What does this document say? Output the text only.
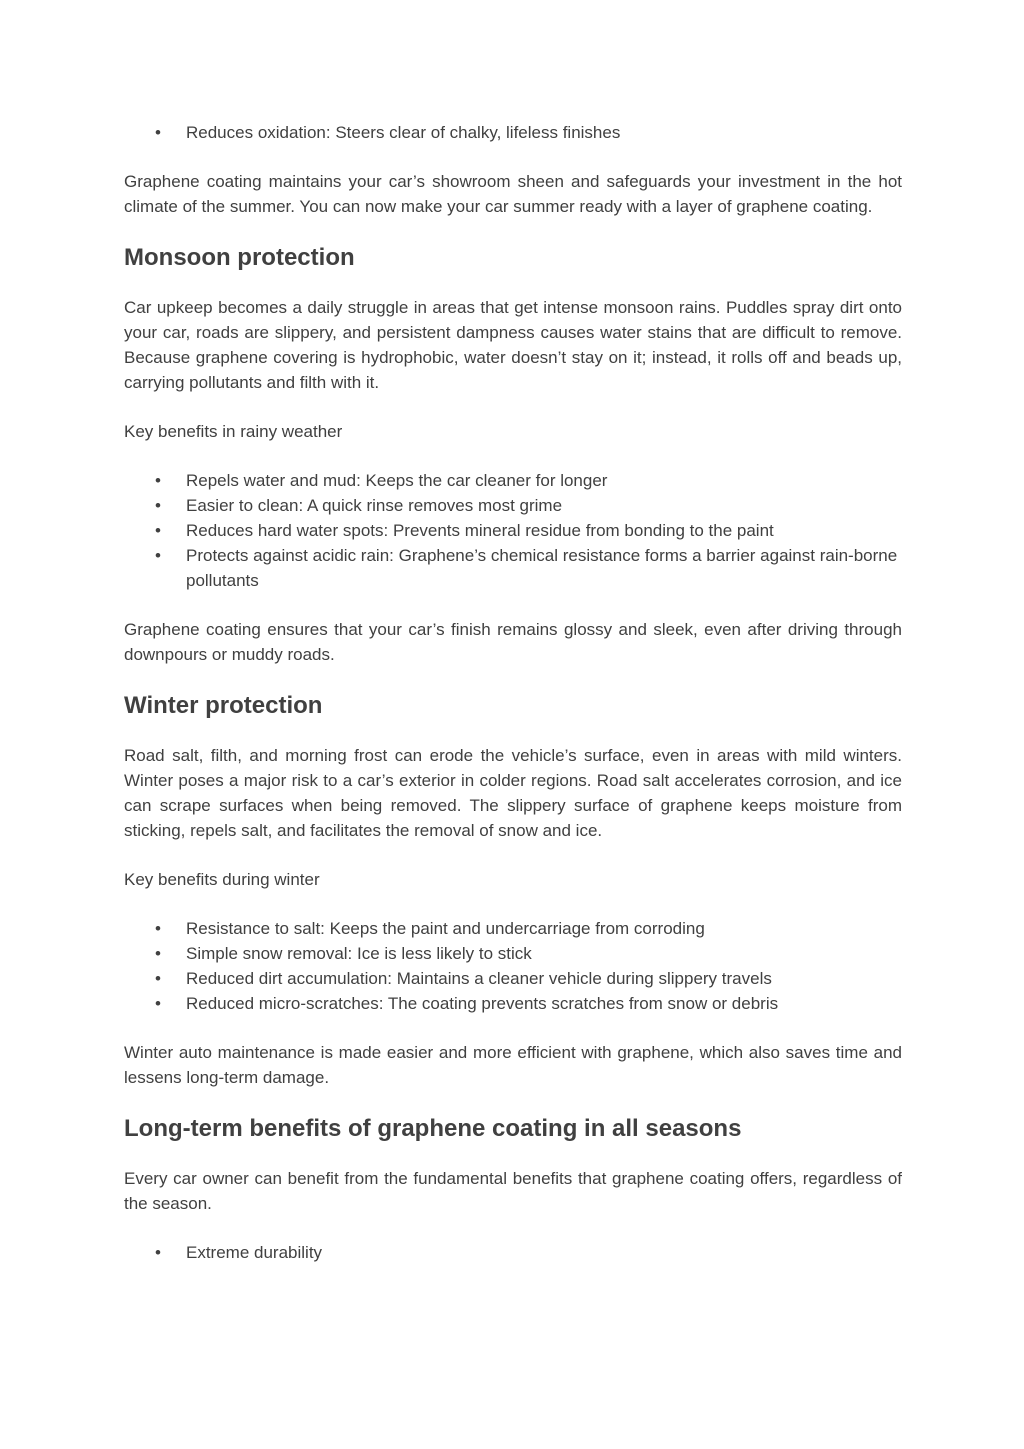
• Reduces oxidation: Steers clear of chalky, lifeless finishes

Graphene coating maintains your car’s showroom sheen and safeguards your investment in the hot climate of the summer. You can now make your car summer ready with a layer of graphene coating.

Monsoon protection

Car upkeep becomes a daily struggle in areas that get intense monsoon rains. Puddles spray dirt onto your car, roads are slippery, and persistent dampness causes water stains that are difficult to remove. Because graphene covering is hydrophobic, water doesn’t stay on it; instead, it rolls off and beads up, carrying pollutants and filth with it.

Key benefits in rainy weather

• Repels water and mud: Keeps the car cleaner for longer
• Easier to clean: A quick rinse removes most grime
• Reduces hard water spots: Prevents mineral residue from bonding to the paint
• Protects against acidic rain: Graphene’s chemical resistance forms a barrier against rain-borne pollutants

Graphene coating ensures that your car’s finish remains glossy and sleek, even after driving through downpours or muddy roads.

Winter protection

Road salt, filth, and morning frost can erode the vehicle’s surface, even in areas with mild winters. Winter poses a major risk to a car’s exterior in colder regions. Road salt accelerates corrosion, and ice can scrape surfaces when being removed. The slippery surface of graphene keeps moisture from sticking, repels salt, and facilitates the removal of snow and ice.

Key benefits during winter

• Resistance to salt: Keeps the paint and undercarriage from corroding
• Simple snow removal: Ice is less likely to stick
• Reduced dirt accumulation: Maintains a cleaner vehicle during slippery travels
• Reduced micro-scratches: The coating prevents scratches from snow or debris

Winter auto maintenance is made easier and more efficient with graphene, which also saves time and lessens long-term damage.

Long-term benefits of graphene coating in all seasons

Every car owner can benefit from the fundamental benefits that graphene coating offers, regardless of the season.

• Extreme durability
